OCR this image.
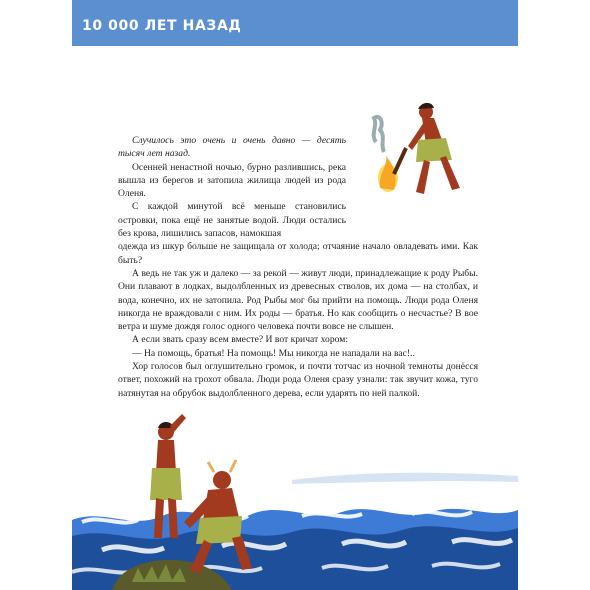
10 000 ЛЕТ НАЗАД

Случилось это очень и очень давно — десять тысяч лет назад.

Осенней ненастной ночью, бурно разлившись, река вышла из берегов и затопила жилища людей из рода Оленя.

С каждой минутой всё меньше становились островки, пока ещё не занятые водой. Люди остались без крова, лишились запасов, намокшая

одежда из шкур больше не защищала от холода; отчаяние начало овладевать ими. Как быть?

А ведь не так уж и далеко — за рекой — живут люди, принадлежащие к роду Рыбы. Они плавают в лодках, выдолбленных из древесных стволов, их дома — на столбах, и вода, конечно, их не затопила. Род Рыбы мог бы прийти на помощь. Люди рода Оленя никогда не враждовали с ним. Их роды — братья. Но как сообщить о несчастье? В вое ветра и шуме дождя голос одного человека почти вовсе не слышен.

А если звать сразу всем вместе? И вот кричат хором:

— На помощь, братья! На помощь! Мы никогда не нападали на вас!..

Хор голосов был оглушительно громок, и почти тотчас из ночной темноты донёсся ответ, похожий на грохот обвала. Люди рода Оленя сразу узнали: так звучит кожа, туго натянутая на обрубок выдолбленного дерева, если ударять по ней палкой.
